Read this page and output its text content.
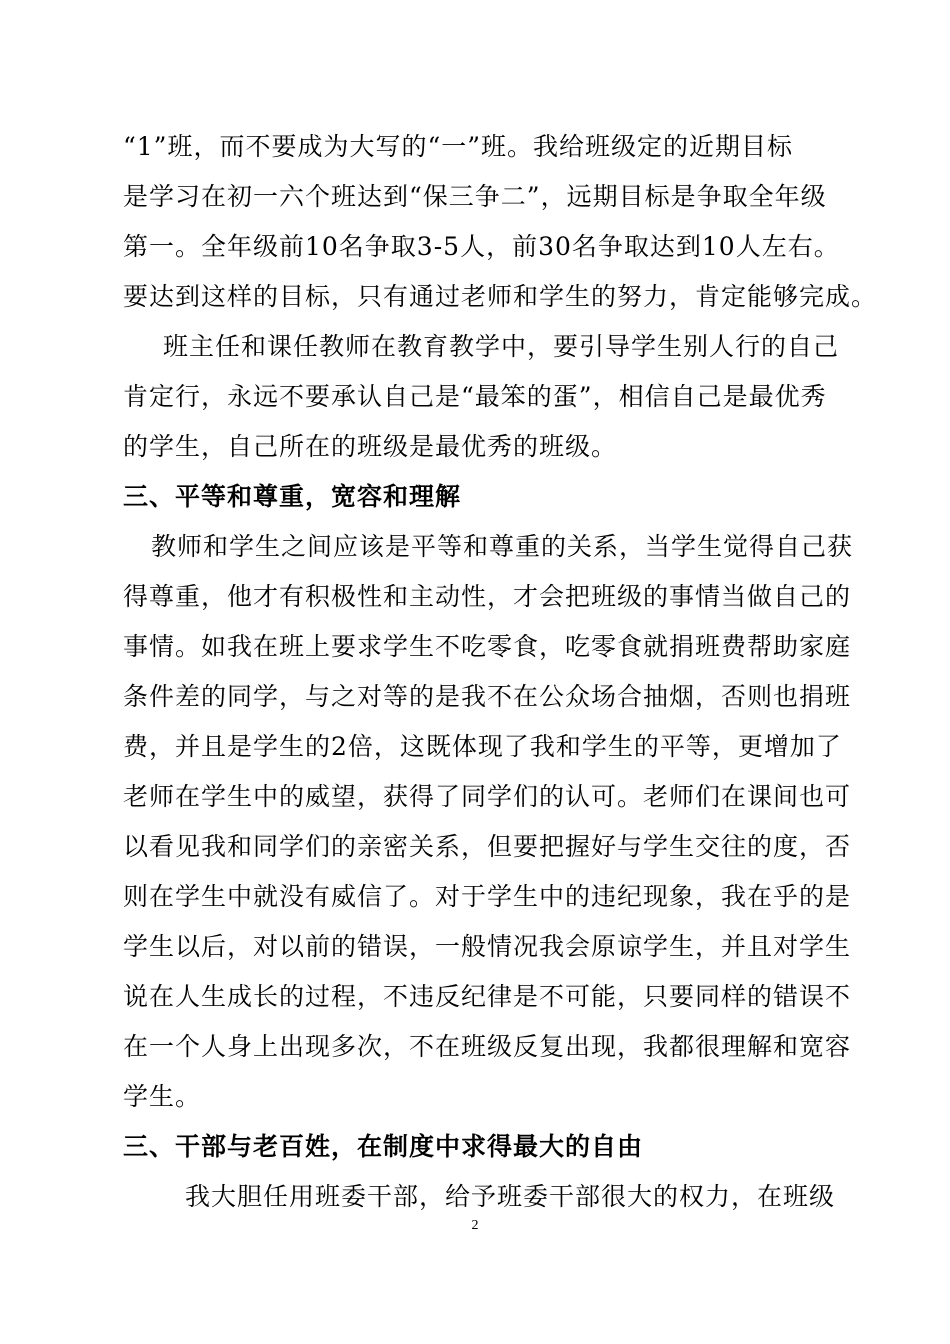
“1”班，而不要成为大写的“一”班。我给班级定的近期目标
是学习在初一六个班达到“保三争二”，远期目标是争取全年级
第一。全年级前10名争取3-5人，前30名争取达到10人左右。
要达到这样的目标，只有通过老师和学生的努力，肯定能够完成。
班主任和课任教师在教育教学中，要引导学生别人行的自己
肯定行，永远不要承认自己是“最笨的蛋”，相信自己是最优秀
的学生，自己所在的班级是最优秀的班级。
三、平等和尊重，宽容和理解
教师和学生之间应该是平等和尊重的关系，当学生觉得自己获
得尊重，他才有积极性和主动性，才会把班级的事情当做自己的
事情。如我在班上要求学生不吃零食，吃零食就捐班费帮助家庭
条件差的同学，与之对等的是我不在公众场合抽烟，否则也捐班
费，并且是学生的2倍，这既体现了我和学生的平等，更增加了
老师在学生中的威望，获得了同学们的认可。老师们在课间也可
以看见我和同学们的亲密关系，但要把握好与学生交往的度，否
则在学生中就没有威信了。对于学生中的违纪现象，我在乎的是
学生以后，对以前的错误，一般情况我会原谅学生，并且对学生
说在人生成长的过程，不违反纪律是不可能，只要同样的错误不
在一个人身上出现多次，不在班级反复出现，我都很理解和宽容
学生。
三、干部与老百姓，在制度中求得最大的自由
我大胆任用班委干部，给予班委干部很大的权力，在班级
2
